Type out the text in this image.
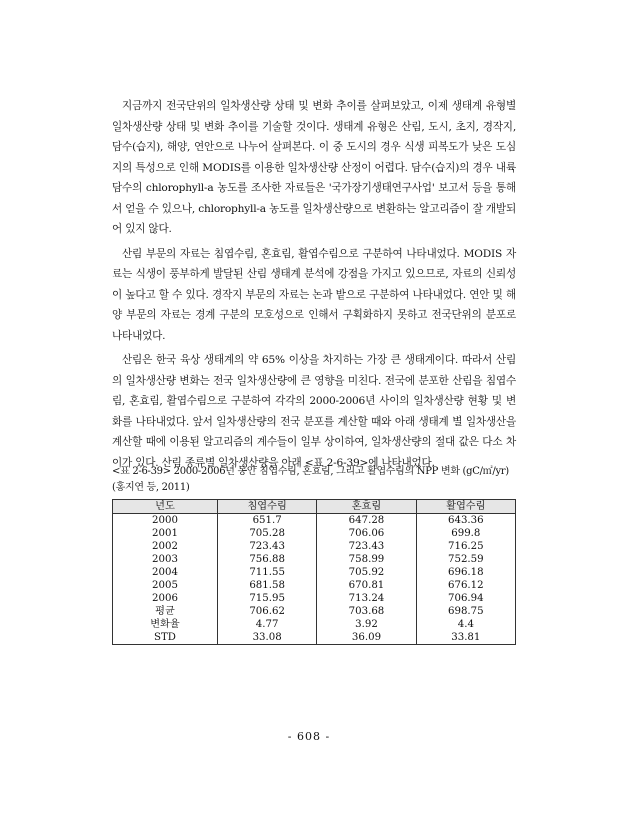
지금까지 전국단위의 일차생산량 상태 및 변화 추이를 살펴보았고, 이제 생태계 유형별 일차생산량 상태 및 변화 추이를 기술할 것이다. 생태계 유형은 산림, 도시, 초지, 경작지, 담수(습지), 해양, 연안으로 나누어 살펴본다. 이 중 도시의 경우 식생 피복도가 낮은 도심지의 특성으로 인해 MODIS를 이용한 일차생산량 산정이 어렵다. 담수(습지)의 경우 내륙 담수의 chlorophyll-a 농도를 조사한 자료들은 '국가장기생태연구사업' 보고서 등을 통해서 얻을 수 있으나, chlorophyll-a 농도를 일차생산량으로 변환하는 알고리즘이 잘 개발되어 있지 않다.

산림 부문의 자료는 침엽수림, 혼효림, 활엽수림으로 구분하여 나타내었다. MODIS 자료는 식생이 풍부하게 발달된 산림 생태계 분석에 강점을 가지고 있으므로, 자료의 신뢰성이 높다고 할 수 있다. 경작지 부문의 자료는 논과 밭으로 구분하여 나타내었다. 연안 및 해양 부문의 자료는 경계 구분의 모호성으로 인해서 구획화하지 못하고 전국단위의 분포로 나타내었다.

산림은 한국 육상 생태계의 약 65% 이상을 차지하는 가장 큰 생태계이다. 따라서 산림의 일차생산량 변화는 전국 일차생산량에 큰 영향을 미친다. 전국에 분포한 산림을 침엽수림, 혼효림, 활엽수림으로 구분하여 각각의 2000-2006년 사이의 일차생산량 현황 및 변화를 나타내었다. 앞서 일차생산량의 전국 분포를 계산할 때와 아래 생태계 별 일차생산을 계산할 때에 이용된 알고리즘의 계수들이 일부 상이하여, 일차생산량의 절대 값은 다소 차이가 있다. 산림 종류별 일차생산량을 아래 <표 2-6-39>에 나타내었다.

<표 2-6-39> 2000-2006년 동안 침엽수림, 혼효림, 그리고 활엽수림의 NPP 변화 (gC/㎡/yr) (홍지연 등, 2011)
년도	침엽수림	혼효림	활엽수림
2000	651.7	647.28	643.36
2001	705.28	706.06	699.8
2002	723.43	723.43	716.25
2003	756.88	758.99	752.59
2004	711.55	705.92	696.18
2005	681.58	670.81	676.12
2006	715.95	713.24	706.94
평균	706.62	703.68	698.75
변화율	4.77	3.92	4.4
STD	33.08	36.09	33.81
- 608 -
